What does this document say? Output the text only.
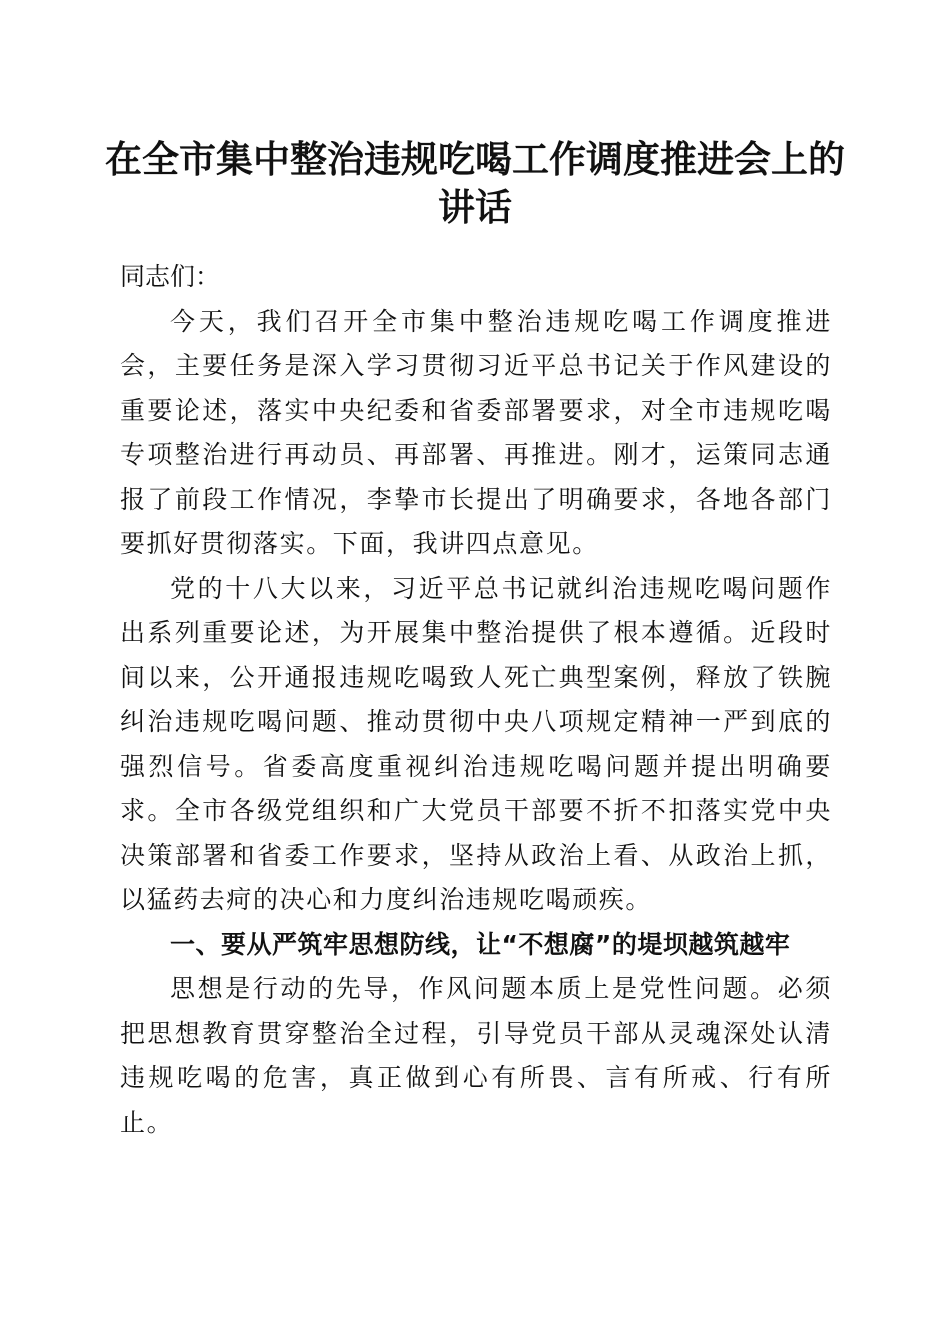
在全市集中整治违规吃喝工作调度推进会上的
讲话

同志们：

今天，我们召开全市集中整治违规吃喝工作调度推进会，主要任务是深入学习贯彻习近平总书记关于作风建设的重要论述，落实中央纪委和省委部署要求，对全市违规吃喝专项整治进行再动员、再部署、再推进。刚才，运策同志通报了前段工作情况，李挚市长提出了明确要求，各地各部门要抓好贯彻落实。下面，我讲四点意见。

党的十八大以来，习近平总书记就纠治违规吃喝问题作出系列重要论述，为开展集中整治提供了根本遵循。近段时间以来，公开通报违规吃喝致人死亡典型案例，释放了铁腕纠治违规吃喝问题、推动贯彻中央八项规定精神一严到底的强烈信号。省委高度重视纠治违规吃喝问题并提出明确要求。全市各级党组织和广大党员干部要不折不扣落实党中央决策部署和省委工作要求，坚持从政治上看、从政治上抓，以猛药去疴的决心和力度纠治违规吃喝顽疾。

一、要从严筑牢思想防线，让“不想腐”的堤坝越筑越牢

思想是行动的先导，作风问题本质上是党性问题。必须把思想教育贯穿整治全过程，引导党员干部从灵魂深处认清违规吃喝的危害，真正做到心有所畏、言有所戒、行有所止。
